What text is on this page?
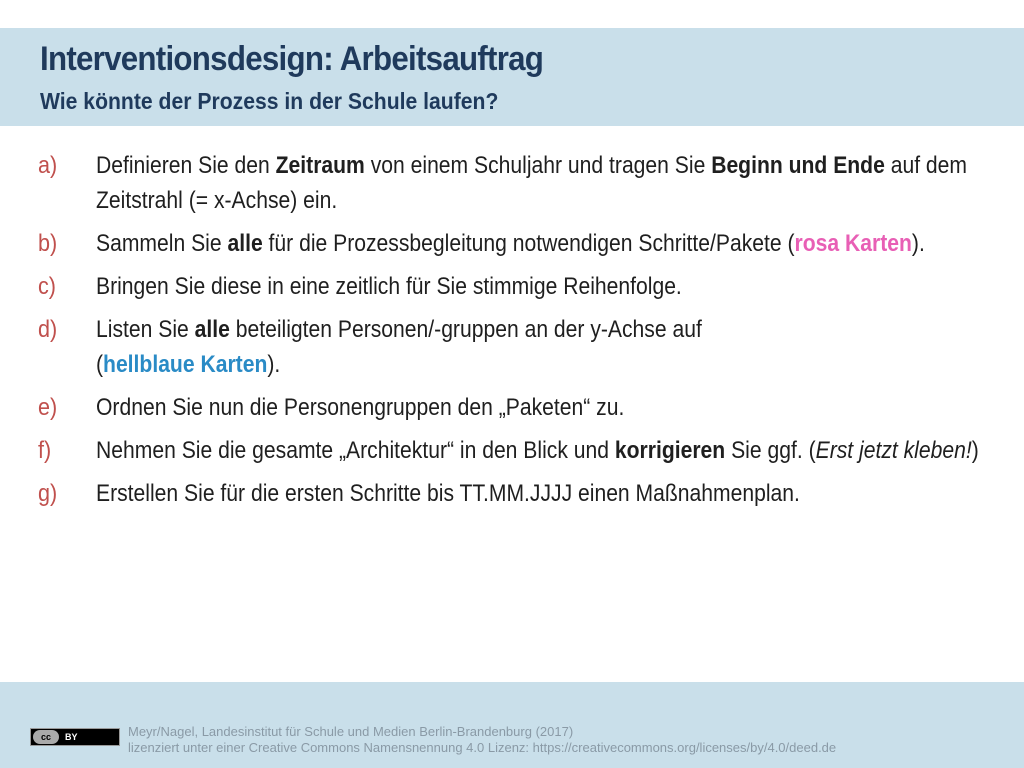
Interventionsdesign: Arbeitsauftrag
Wie könnte der Prozess in der Schule laufen?
a) Definieren Sie den Zeitraum von einem Schuljahr und tragen Sie Beginn und Ende auf dem Zeitstrahl (= x-Achse) ein.
b) Sammeln Sie alle für die Prozessbegleitung notwendigen Schritte/Pakete (rosa Karten).
c) Bringen Sie diese in eine zeitlich für Sie stimmige Reihenfolge.
d) Listen Sie alle beteiligten Personen/-gruppen an der y-Achse auf
(hellblaue Karten).
e) Ordnen Sie nun die Personengruppen den „Paketen“ zu.
f) Nehmen Sie die gesamte „Architektur“ in den Blick und korrigieren Sie ggf. (Erst jetzt kleben!)
g) Erstellen Sie für die ersten Schritte bis TT.MM.JJJJ einen Maßnahmenplan.
cc	BY	Meyr/Nagel, Landesinstitut für Schule und Medien Berlin-Brandenburg (2017)
lizenziert unter einer Creative Commons Namensnennung 4.0 Lizenz: https://creativecommons.org/licenses/by/4.0/deed.de
